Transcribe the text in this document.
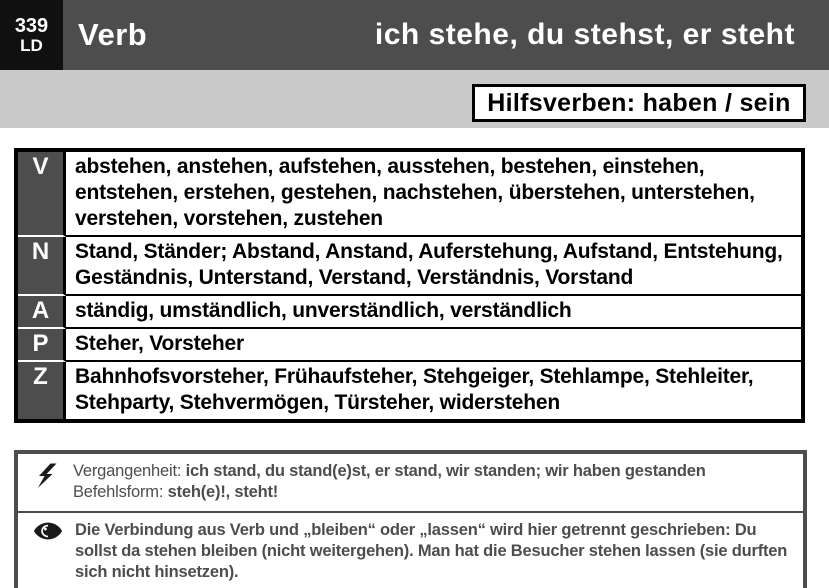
Verb	ich stehe, du stehst, er steht
339
LD
Hilfsverben: haben / sein
V	abstehen, anstehen, aufstehen, ausstehen, bestehen, einstehen, entstehen, erstehen, gestehen, nachstehen, überstehen, unterstehen, verstehen, vorstehen, zustehen
N	Stand, Ständer; Abstand, Anstand, Auferstehung, Aufstand, Entstehung, Geständnis, Unterstand, Verstand, Verständnis, Vorstand
A	ständig, umständlich, unverständlich, verständlich
P	Steher, Vorsteher
Z	Bahnhofsvorsteher, Frühaufsteher, Stehgeiger, Stehlampe, Stehleiter, Stehparty, Stehvermögen, Türsteher, widerstehen
Vergangenheit: ich stand, du stand(e)st, er stand, wir standen; wir haben gestanden
Befehlsform: steh(e)!, steht!
Die Verbindung aus Verb und „bleiben“ oder „lassen“ wird hier getrennt geschrieben: Du sollst da stehen bleiben (nicht weitergehen). Man hat die Besucher stehen lassen (sie durften sich nicht hinsetzen).
